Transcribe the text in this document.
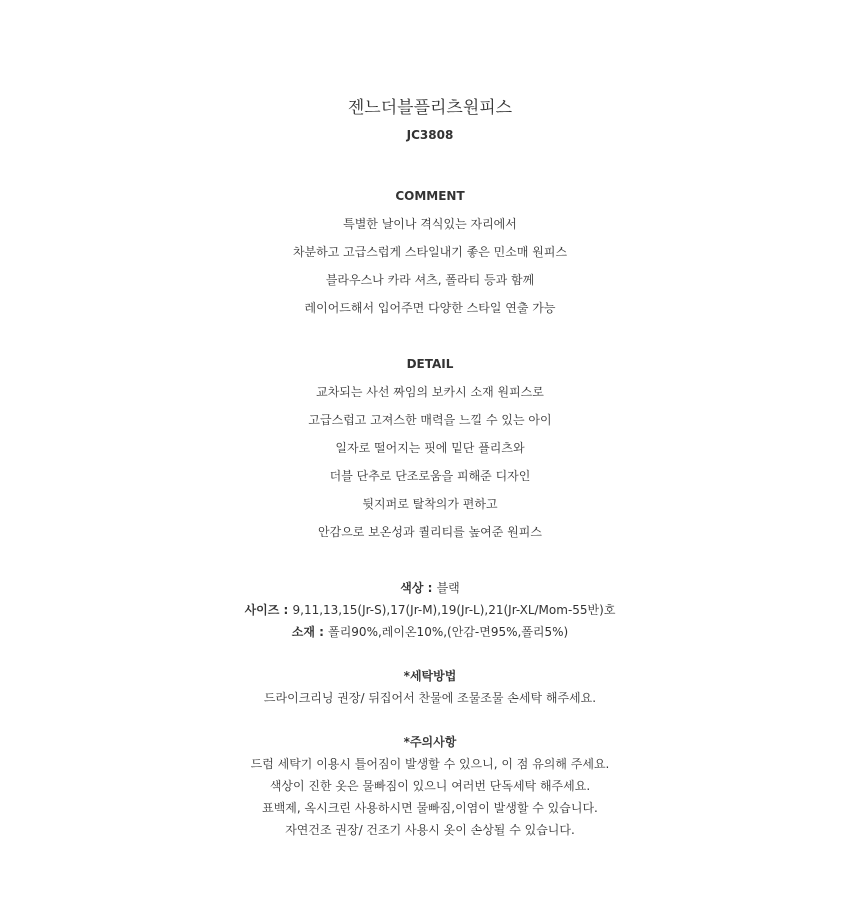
젠느더블플리츠원피스
JC3808
COMMENT
특별한 날이나 격식있는 자리에서
차분하고 고급스럽게 스타일내기 좋은 민소매 원피스
블라우스나 카라 셔츠, 폴라티 등과 함께
레이어드해서 입어주면 다양한 스타일 연출 가능
DETAIL
교차되는 사선 짜임의 보카시 소재 원피스로
고급스럽고 고져스한 매력을 느낄 수 있는 아이
일자로 떨어지는 핏에 밑단 플리츠와
더블 단추로 단조로움을 피해준 디자인
뒷지퍼로 탈착의가 편하고
안감으로 보온성과 퀄리티를 높여준 원피스
색상 : 블랙
사이즈 : 9,11,13,15(Jr-S),17(Jr-M),19(Jr-L),21(Jr-XL/Mom-55반)호
소재 : 폴리90%,레이온10%,(안감-면95%,폴리5%)
*세탁방법
드라이크리닝 권장/ 뒤집어서 찬물에 조물조물 손세탁 해주세요.
*주의사항
드럼 세탁기 이용시 틀어짐이 발생할 수 있으니, 이 점 유의해 주세요.
색상이 진한 옷은 물빠짐이 있으니 여러번 단독세탁 해주세요.
표백제, 옥시크린 사용하시면 물빠짐,이염이 발생할 수 있습니다.
자연건조 권장/ 건조기 사용시 옷이 손상될 수 있습니다.
